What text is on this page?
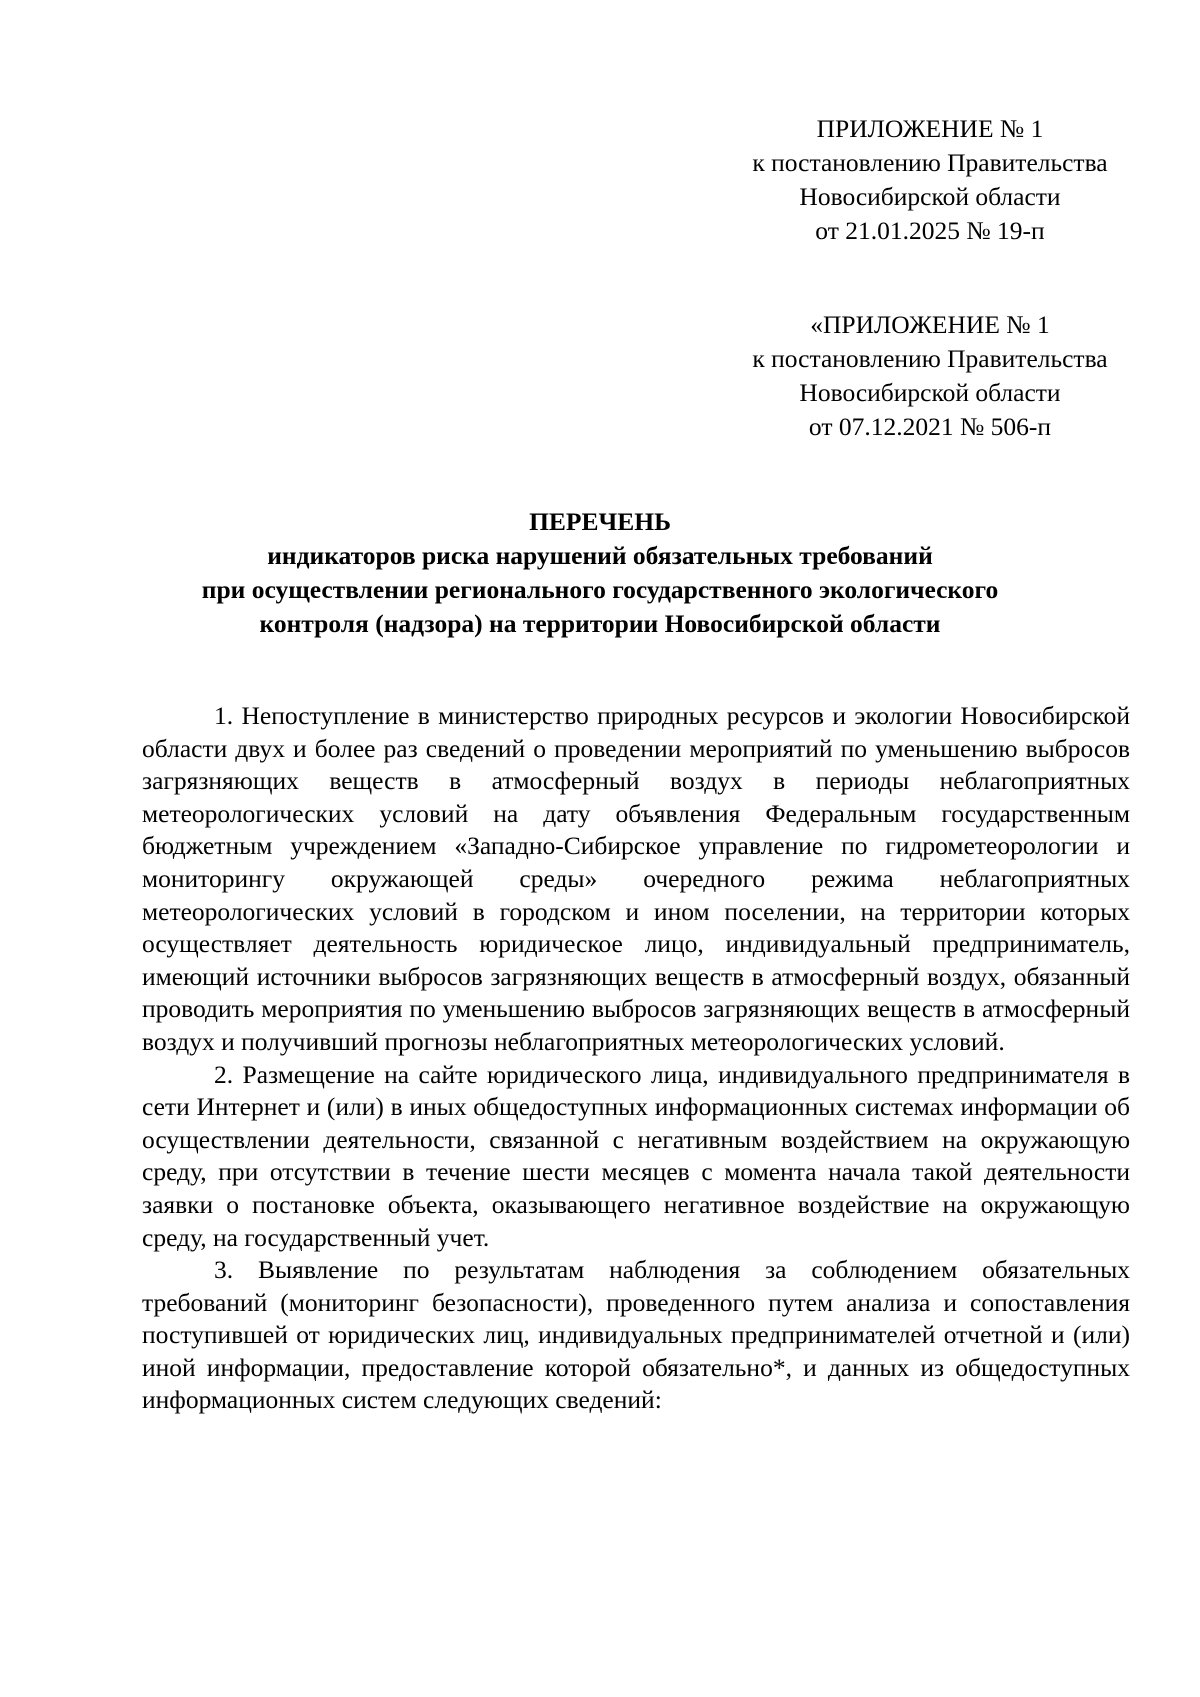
ПРИЛОЖЕНИЕ № 1
к постановлению Правительства
Новосибирской области
от 21.01.2025 № 19-п
«ПРИЛОЖЕНИЕ № 1
к постановлению Правительства
Новосибирской области
от 07.12.2021 № 506-п
ПЕРЕЧЕНЬ
индикаторов риска нарушений обязательных требований
при осуществлении регионального государственного экологического
контроля (надзора) на территории Новосибирской области

1. Непоступление в министерство природных ресурсов и экологии Новосибирской области двух и более раз сведений о проведении мероприятий по уменьшению выбросов загрязняющих веществ в атмосферный воздух в периоды неблагоприятных метеорологических условий на дату объявления Федеральным государственным бюджетным учреждением «Западно-Сибирское управление по гидрометеорологии и мониторингу окружающей среды» очередного режима неблагоприятных метеорологических условий в городском и ином поселении, на территории которых осуществляет деятельность юридическое лицо, индивидуальный предприниматель, имеющий источники выбросов загрязняющих веществ в атмосферный воздух, обязанный проводить мероприятия по уменьшению выбросов загрязняющих веществ в атмосферный воздух и получивший прогнозы неблагоприятных метеорологических условий.

2. Размещение на сайте юридического лица, индивидуального предпринимателя в сети Интернет и (или) в иных общедоступных информационных системах информации об осуществлении деятельности, связанной с негативным воздействием на окружающую среду, при отсутствии в течение шести месяцев с момента начала такой деятельности заявки о постановке объекта, оказывающего негативное воздействие на окружающую среду, на государственный учет.

3. Выявление по результатам наблюдения за соблюдением обязательных требований (мониторинг безопасности), проведенного путем анализа и сопоставления поступившей от юридических лиц, индивидуальных предпринимателей отчетной и (или) иной информации, предоставление которой обязательно*, и данных из общедоступных информационных систем следующих сведений:
